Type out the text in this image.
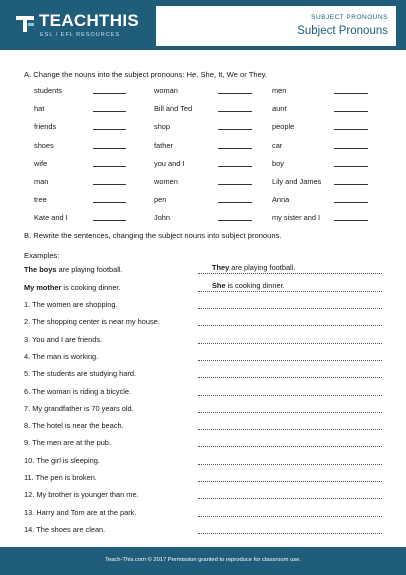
TEACHTHIS
ESL / EFL RESOURCES
SUBJECT PRONOUNS
Subject Pronouns
A. Change the nouns into the subject pronouns: He, She, It, We or They.
students
hat
friends
shoes
wife
man
tree
Kate and I
woman
Bill and Ted
shop
father
you and I
women
pen
John
men
aunt
people
car
boy
Lily and James
Anna
my sister and I
B. Rewrite the sentences, changing the subject nouns into subject pronouns.
Examples:
The boys are playing football.	They are playing football.
My mother is cooking dinner.	She is cooking dinner.
1. The women are shopping.
2. The shopping center is near my house.
3. You and I are friends.
4. The man is working.
5. The students are studying hard.
6. The woman is riding a bicycle.
7. My grandfather is 70 years old.
8. The hotel is near the beach.
9. The men are at the pub.
10. The girl is sleeping.
11. The pen is broken.
12. My brother is younger than me.
13. Harry and Tom are at the park.
14. The shoes are clean.
Teach-This.com © 2017 Permission granted to reproduce for classroom use.
